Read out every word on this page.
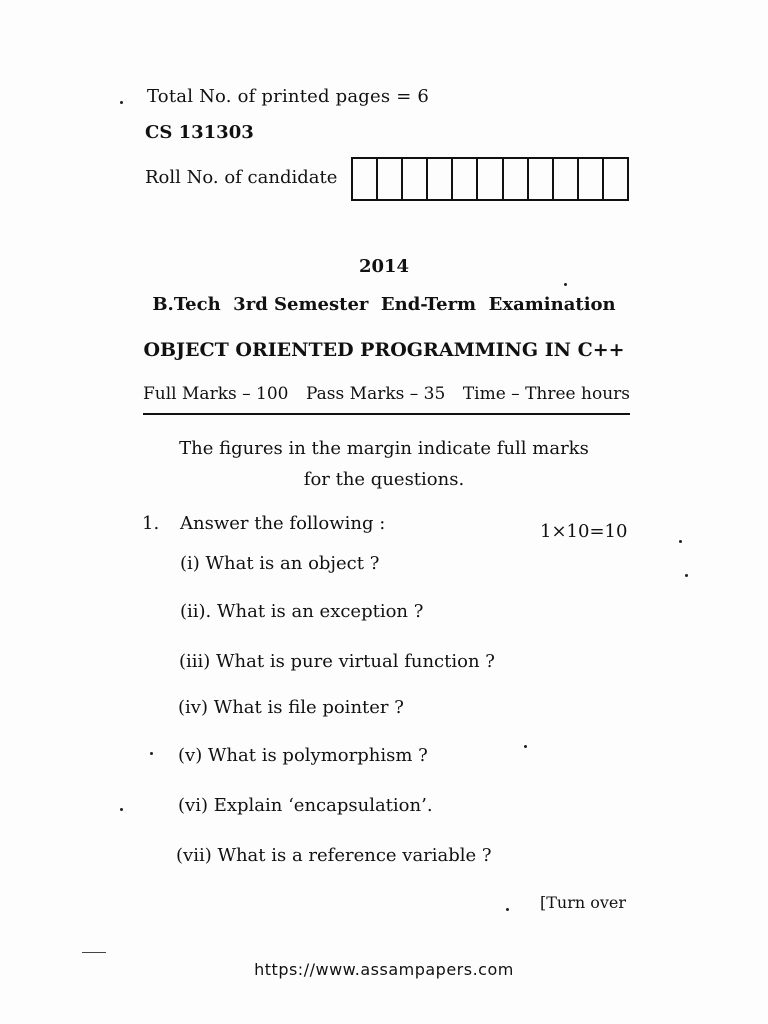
Total No. of printed pages = 6
CS 131303
Roll No. of candidate
2014
B.Tech  3rd Semester  End-Term  Examination
OBJECT ORIENTED PROGRAMMING IN C++
Full Marks – 100 Pass Marks – 35 Time – Three hours
The figures in the margin indicate full marks
for the questions.
1. Answer the following :	1×10=10
(i) What is an object ?
(ii). What is an exception ?
(iii) What is pure virtual function ?
(iv) What is file pointer ?
(v) What is polymorphism ?
(vi) Explain ‘encapsulation’.
(vii) What is a reference variable ?
[Turn over
https://www.assampapers.com
